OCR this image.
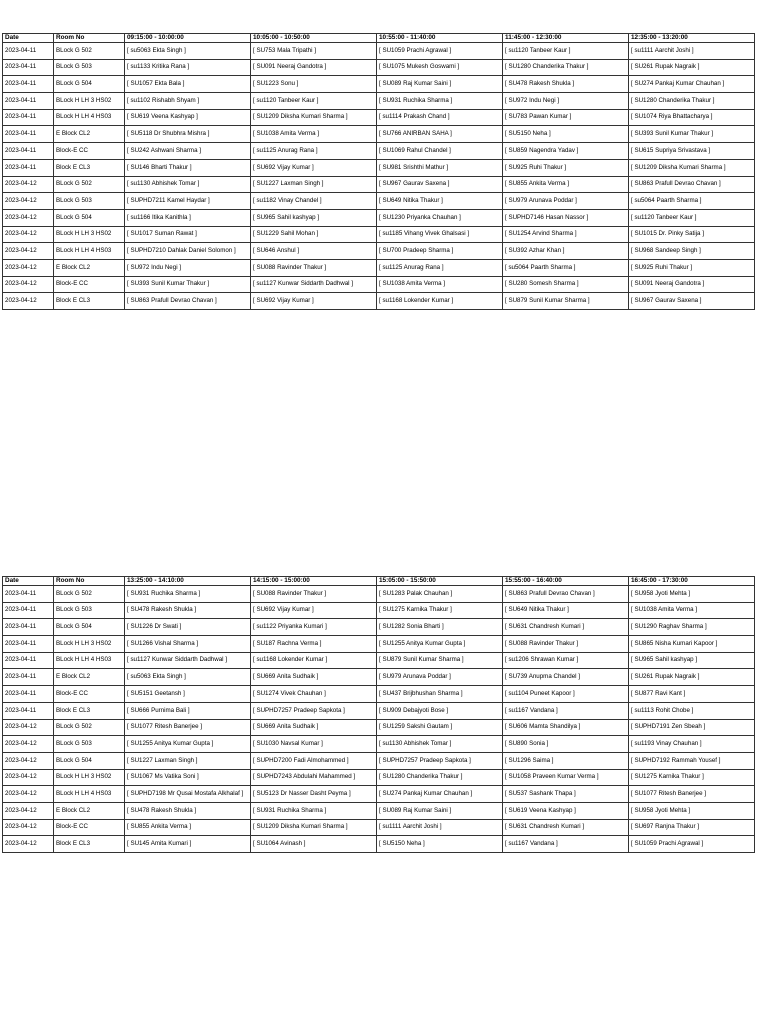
Date	Room No	09:15:00 - 10:00:00	10:05:00 - 10:50:00	10:55:00 - 11:40:00	11:45:00 - 12:30:00	12:35:00 - 13:20:00
2023-04-11	BLock G 502	[ su5063 Ekta Singh ]	[ SU753 Mala Tripathi ]	[ SU1059 Prachi Agrawal ]	[ su1120 Tanbeer Kaur ]	[ su1111 Aarchit Joshi ]
2023-04-11	BLock G 503	[ su1133 Kritika Rana ]	[ SU091 Neeraj Gandotra ]	[ SU1075 Mukesh Goswami ]	[ SU1280 Chanderika Thakur ]	[ SU261 Rupak Nagraik ]
2023-04-11	BLock G 504	[ SU1057 Ekta Bala ]	[ SU1223 Sonu ]	[ SU089 Raj Kumar Saini ]	[ SU478 Rakesh Shukla ]	[ SU274 Pankaj Kumar Chauhan ]
2023-04-11	BLock H LH 3 HS02	[ su1102 Rishabh Shyam ]	[ su1120 Tanbeer Kaur ]	[ SU931 Ruchika Sharma ]	[ SU972 Indu Negi ]	[ SU1280 Chanderika Thakur ]
2023-04-11	BLock H LH 4 HS03	[ SU619 Veena Kashyap ]	[ SU1209 Diksha Kumari Sharma ]	[ su1114 Prakash Chand ]	[ SU783 Pawan Kumar ]	[ SU1074 Riya Bhattacharya ]
2023-04-11	E Block CL2	[ SU5118 Dr Shubhra Mishra ]	[ SU1038 Amita Verma ]	[ SU766 ANIRBAN SAHA ]	[ SU5150 Neha ]	[ SU393 Sunil Kumar Thakur ]
2023-04-11	Block-E CC	[ SU242 Ashwani Sharma ]	[ su1125 Anurag Rana ]	[ SU1069 Rahul Chandel ]	[ SU859 Nagendra Yadav ]	[ SU615 Supriya Srivastava ]
2023-04-11	Block E CL3	[ SU146 Bharti Thakur ]	[ SU692 Vijay Kumar ]	[ SU981 Srishthi Mathur ]	[ SU925 Ruhi Thakur ]	[ SU1209 Diksha Kumari Sharma ]
2023-04-12	BLock G 502	[ su1130 Abhishek Tomar ]	[ SU1227 Laxman Singh ]	[ SU967 Gaurav Saxena ]	[ SU855 Ankita Verma ]	[ SU863 Prafull Devrao Chavan ]
2023-04-12	BLock G 503	[ SUPHD7211 Kamel Haydar ]	[ su1182 Vinay Chandel ]	[ SU649 Nitika Thakur ]	[ SU979 Arunava Poddar ]	[ su5064 Paarth Sharma ]
2023-04-12	BLock G 504	[ su1166 Itika Kanithla ]	[ SU965 Sahil kashyap ]	[ SU1230 Priyanka Chauhan ]	[ SUPHD7146 Hasan Nassor ]	[ su1120 Tanbeer Kaur ]
2023-04-12	BLock H LH 3 HS02	[ SU1017 Suman Rawat ]	[ SU1229 Sahil Mohan ]	[ su1185 Vihang Vivek Ghalsasi ]	[ SU1254 Arvind Sharma ]	[ SU1015 Dr. Pinky Satija ]
2023-04-12	BLock H LH 4 HS03	[ SUPHD7210 Dahlak Daniel Solomon ]	[ SU646 Anshul ]	[ SU700 Pradeep Sharma ]	[ SU392 Azhar Khan ]	[ SU968 Sandeep Singh ]
2023-04-12	E Block CL2	[ SU972 Indu Negi ]	[ SU088 Ravinder Thakur ]	[ su1125 Anurag Rana ]	[ su5064 Paarth Sharma ]	[ SU925 Ruhi Thakur ]
2023-04-12	Block-E CC	[ SU393 Sunil Kumar Thakur ]	[ su1127 Kunwar Siddarth Dadhwal ]	[ SU1038 Amita Verma ]	[ SU280 Somesh Sharma ]	[ SU091 Neeraj Gandotra ]
2023-04-12	Block E CL3	[ SU863 Prafull Devrao Chavan ]	[ SU692 Vijay Kumar ]	[ su1168 Lokender Kumar ]	[ SU879 Sunil Kumar Sharma ]	[ SU967 Gaurav Saxena ]
Date	Room No	13:25:00 - 14:10:00	14:15:00 - 15:00:00	15:05:00 - 15:50:00	15:55:00 - 16:40:00	16:45:00 - 17:30:00
2023-04-11	BLock G 502	[ SU931 Ruchika Sharma ]	[ SU088 Ravinder Thakur ]	[ SU1283 Palak Chauhan ]	[ SU863 Prafull Devrao Chavan ]	[ SU958 Jyoti Mehta ]
2023-04-11	BLock G 503	[ SU478 Rakesh Shukla ]	[ SU692 Vijay Kumar ]	[ SU1275 Karnika Thakur ]	[ SU649 Nitika Thakur ]	[ SU1038 Amita Verma ]
2023-04-11	BLock G 504	[ SU1226 Dr Swati ]	[ su1122 Priyanka Kumari ]	[ SU1282 Sonia Bharti ]	[ SU631 Chandresh Kumari ]	[ SU1290 Raghav Sharma ]
2023-04-11	BLock H LH 3 HS02	[ SU1266 Vishal Sharma ]	[ SU187 Rachna Verma ]	[ SU1255 Anitya Kumar Gupta ]	[ SU088 Ravinder Thakur ]	[ SU865 Nisha Kumari Kapoor ]
2023-04-11	BLock H LH 4 HS03	[ su1127 Kunwar Siddarth Dadhwal ]	[ su1168 Lokender Kumar ]	[ SU879 Sunil Kumar Sharma ]	[ su1206 Shrawan Kumar ]	[ SU965 Sahil kashyap ]
2023-04-11	E Block CL2	[ su5063 Ekta Singh ]	[ SU669 Anita Sudhaik ]	[ SU979 Arunava Poddar ]	[ SU739 Anupma Chandel ]	[ SU261 Rupak Nagraik ]
2023-04-11	Block-E CC	[ SU5151 Geetansh ]	[ SU1274 Vivek Chauhan ]	[ SU437 Brijbhushan Sharma ]	[ su1104 Puneet Kapoor ]	[ SU877 Ravi Kant ]
2023-04-11	Block E CL3	[ SU666 Purnima Bali ]	[ SUPHD7257 Pradeep Sapkota ]	[ SU909 Debajyoti Bose ]	[ su1167 Vandana ]	[ su1113 Rohit Chobe ]
2023-04-12	BLock G 502	[ SU1077 Ritesh Banerjee ]	[ SU669 Anita Sudhaik ]	[ SU1259 Sakshi Gautam ]	[ SU606 Mamta Shandilya ]	[ SUPHD7191 Zen Sbeah ]
2023-04-12	BLock G 503	[ SU1255 Anitya Kumar Gupta ]	[ SU1030 Navsal Kumar ]	[ su1130 Abhishek Tomar ]	[ SU890 Sonia ]	[ su1193 Vinay Chauhan ]
2023-04-12	BLock G 504	[ SU1227 Laxman Singh ]	[ SUPHD7200 Fadi Almohammed ]	[ SUPHD7257 Pradeep Sapkota ]	[ SU1296 Saima ]	[ SUPHD7192 Rammah Yousef ]
2023-04-12	BLock H LH 3 HS02	[ SU1067 Ms Vatika Soni ]	[ SUPHD7243 Abdulahi Mahammed ]	[ SU1280 Chanderika Thakur ]	[ SU1058 Praveen Kumar Verma ]	[ SU1275 Karnika Thakur ]
2023-04-12	BLock H LH 4 HS03	[ SUPHD7198 Mr Qusai Mostafa Alkhalaf ]	[ SU5123 Dr Nasser Dasht Peyma ]	[ SU274 Pankaj Kumar Chauhan ]	[ SU537 Sashank Thapa ]	[ SU1077 Ritesh Banerjee ]
2023-04-12	E Block CL2	[ SU478 Rakesh Shukla ]	[ SU931 Ruchika Sharma ]	[ SU089 Raj Kumar Saini ]	[ SU619 Veena Kashyap ]	[ SU958 Jyoti Mehta ]
2023-04-12	Block-E CC	[ SU855 Ankita Verma ]	[ SU1209 Diksha Kumari Sharma ]	[ su1111 Aarchit Joshi ]	[ SU631 Chandresh Kumari ]	[ SU697 Ranjna Thakur ]
2023-04-12	Block E CL3	[ SU145 Amita Kumari ]	[ SU1064 Avinash ]	[ SU5150 Neha ]	[ su1167 Vandana ]	[ SU1059 Prachi Agrawal ]
